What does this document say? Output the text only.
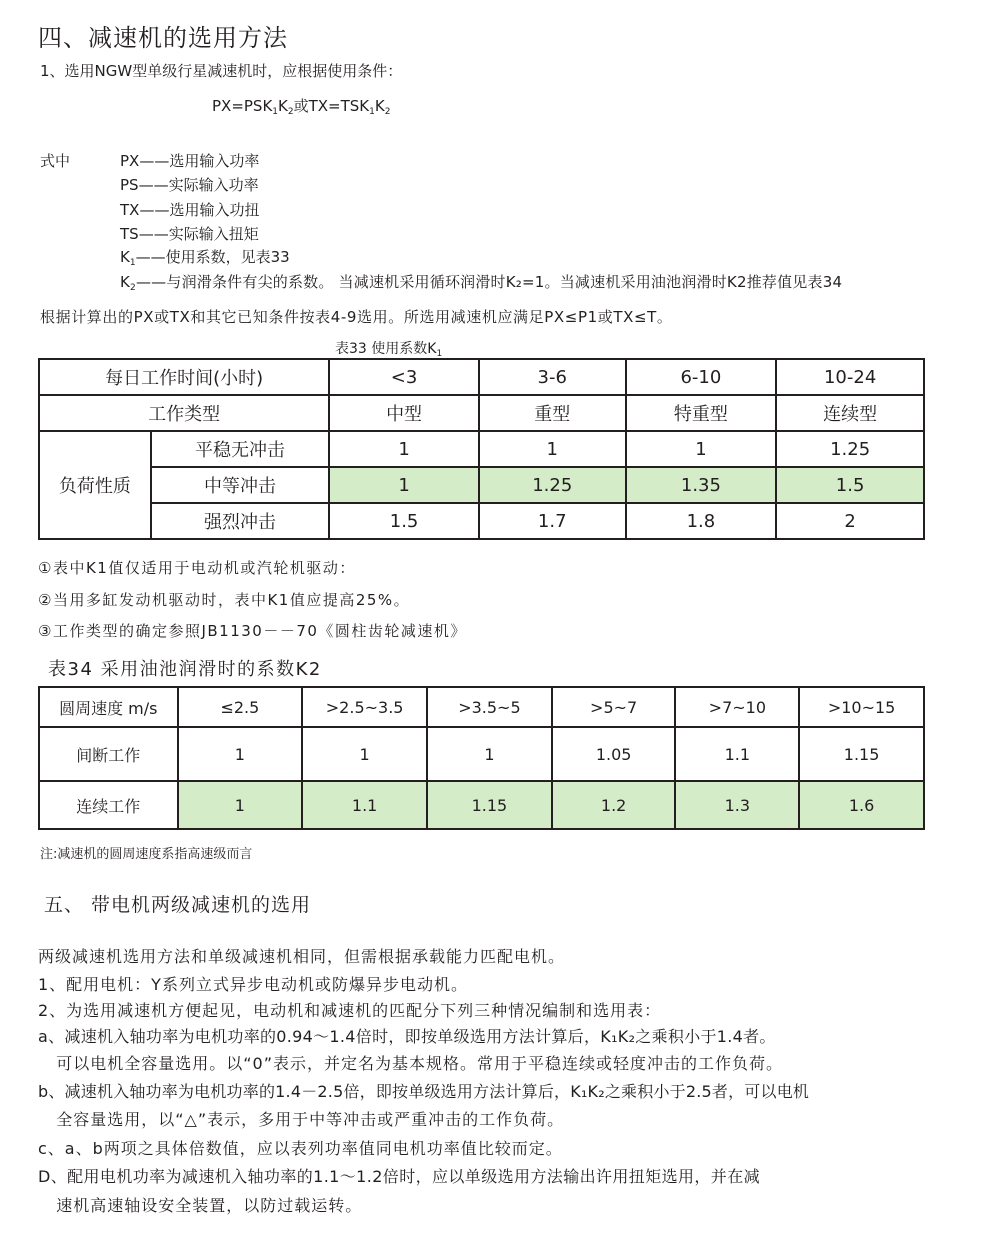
四、减速机的选用方法
1、选用NGW型单级行星减速机时，应根据使用条件：
$PX=PSK_1K_2$或$TX=TSK_1K_2$
式中	PX——选用输入功率
PS——实际输入功率
TX——选用输入功扭
TS——实际输入扭矩
$K_1——$使用系数，见表33
$K_2——$与润滑条件有尖的系数。 当减速机采用循环润滑时K₂=1。当减速机采用油池润滑时K2推荐值见表34
根据计算出的PX或TX和其它已知条件按表4-9选用。所选用减速机应满足PX≤P1或TX≤T。
表33 使用系数$K_1$
每日工作时间(小时)		<3	3-6	6-10	10-24
工作类型		中型	重型	特重型	连续型
负荷性质	平稳无冲击	1	1	1	1.25
	中等冲击	1	1.25	1.35	1.5
	强烈冲击	1.5	1.7	1.8	2
①表中K1值仅适用于电动机或汽轮机驱动：
②当用多缸发动机驱动时，表中K1值应提高25%。
③工作类型的确定参照JB1130－－70《圆柱齿轮减速机》
表34 采用油池润滑时的系数K2
圆周速度 m/s	≤2.5	>2.5~3.5	>3.5~5	>5~7	>7~10	>10~15
间断工作	1	1	1	1.05	1.1	1.15
连续工作	1	1.1	1.15	1.2	1.3	1.6
注:减速机的圆周速度系指高速级而言
五、 带电机两级减速机的选用
两级减速机选用方法和单级减速机相同，但需根据承载能力匹配电机。
1、配用电机：Y系列立式异步电动机或防爆异步电动机。
2、为选用减速机方便起见，电动机和减速机的匹配分下列三种情况编制和选用表：
a、减速机入轴功率为电机功率的0.94～1.4倍时，即按单级选用方法计算后，K₁K₂之乘积小于1.4者。
可以电机全容量选用。以“0”表示，并定名为基本规格。常用于平稳连续或轻度冲击的工作负荷。
b、减速机入轴功率为电机功率的1.4－2.5倍，即按单级选用方法计算后，K₁K₂之乘积小于2.5者，可以电机
全容量选用，以“△”表示，多用于中等冲击或严重冲击的工作负荷。
c、a、b两项之具体倍数值，应以表列功率值同电机功率值比较而定。
D、配用电机功率为减速机入轴功率的1.1～1.2倍时，应以单级选用方法输出许用扭矩选用，并在减
速机高速轴设安全装置，以防过载运转。
